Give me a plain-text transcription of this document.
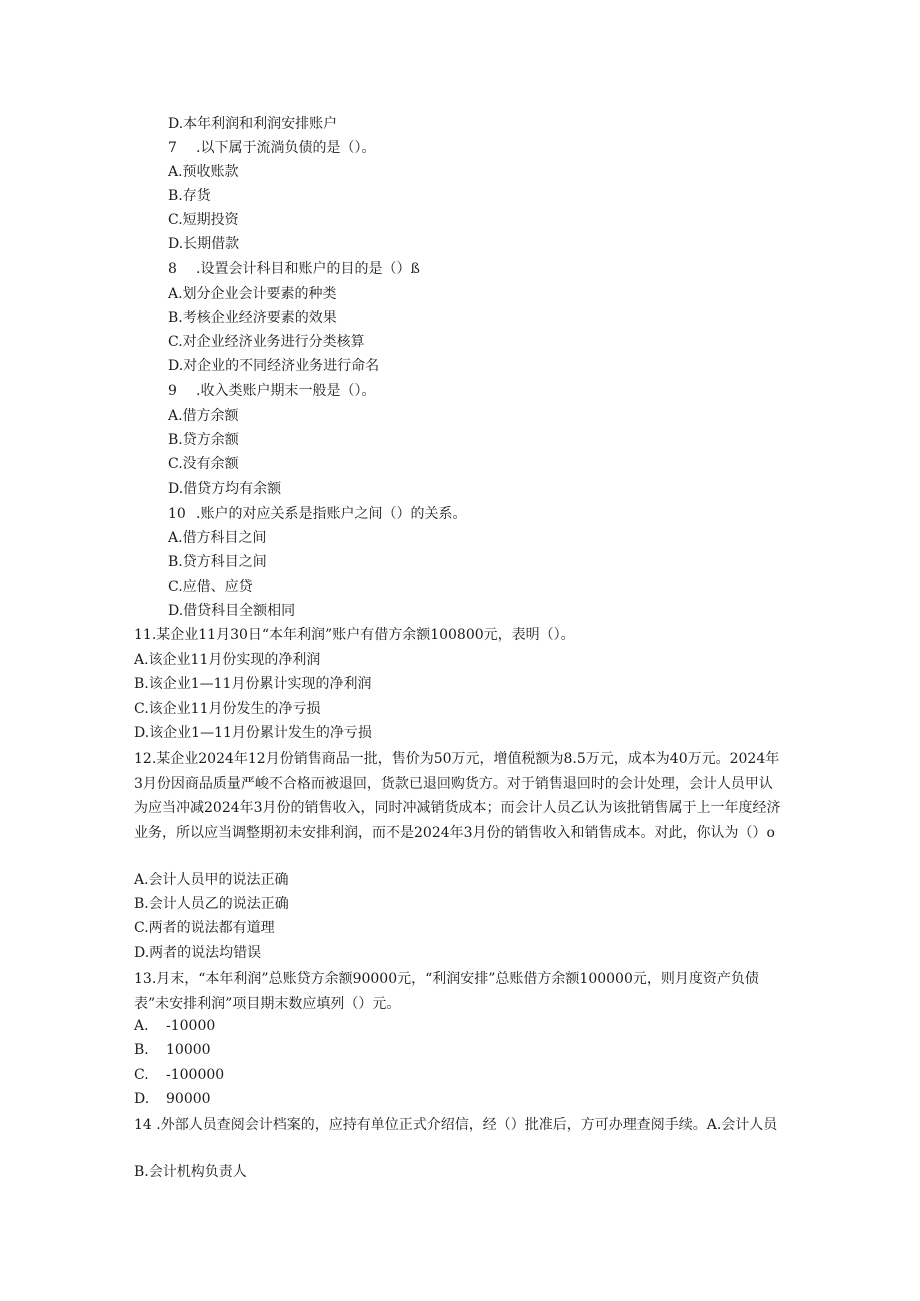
D.本年利润和利润安排账户
7 .以下属于流淌负债的是（）。
A.预收账款
B.存货
C.短期投资
D.长期借款
8 .设置会计科目和账户的目的是（）ß
A.划分企业会计要素的种类
B.考核企业经济要素的效果
C.对企业经济业务进行分类核算
D.对企业的不同经济业务进行命名
9 .收入类账户期末一般是（）。
A.借方余额
B.贷方余额
C.没有余额
D.借贷方均有余额
10 .账户的对应关系是指账户之间（）的关系。
A.借方科目之间
B.贷方科目之间
C.应借、应贷
D.借贷科目全额相同
11.某企业11月30日“本年利润”账户有借方余额100800元，表明（）。
A.该企业11月份实现的净利润
B.该企业1—11月份累计实现的净利润
C.该企业11月份发生的净亏损
D.该企业1—11月份累计发生的净亏损
12.某企业2024年12月份销售商品一批，售价为50万元，增值税额为8.5万元，成本为40万元。2024年3月份因商品质量严峻不合格而被退回，货款已退回购货方。对于销售退回时的会计处理，会计人员甲认为应当冲减2024年3月份的销售收入，同时冲减销货成本；而会计人员乙认为该批销售属于上一年度经济业务，所以应当调整期初未安排利润，而不是2024年3月份的销售收入和销售成本。对此，你认为（）o
A.会计人员甲的说法正确
B.会计人员乙的说法正确
C.两者的说法都有道理
D.两者的说法均错误
13.月末，“本年利润”总账贷方余额90000元，“利润安排”总账借方余额100000元，则月度资产负债表”未安排利润”项目期末数应填列（）元。
A. -10000
B. 10000
C. -100000
D. 90000
14 .外部人员查阅会计档案的，应持有单位正式介绍信，经（）批准后，方可办理查阅手续。A.会计人员
B.会计机构负责人
